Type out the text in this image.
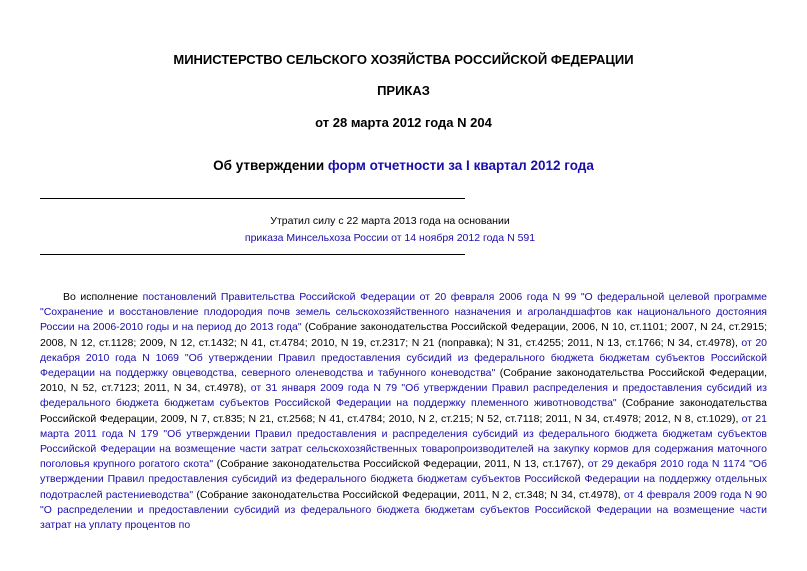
МИНИСТЕРСТВО СЕЛЬСКОГО ХОЗЯЙСТВА РОССИЙСКОЙ ФЕДЕРАЦИИ
ПРИКАЗ
от 28 марта 2012 года N 204
Об утверждении форм отчетности за I квартал 2012 года
Утратил силу с 22 марта 2013 года на основании
приказа Минсельхоза России от 14 ноября 2012 года N 591

Во исполнение постановлений Правительства Российской Федерации от 20 февраля 2006 года N 99 "О федеральной целевой программе "Сохранение и восстановление плодородия почв земель сельскохозяйственного назначения и агроландшафтов как национального достояния России на 2006-2010 годы и на период до 2013 года" (Собрание законодательства Российской Федерации, 2006, N 10, ст.1101; 2007, N 24, ст.2915; 2008, N 12, ст.1128; 2009, N 12, ст.1432; N 41, ст.4784; 2010, N 19, ст.2317; N 21 (поправка); N 31, ст.4255; 2011, N 13, ст.1766; N 34, ст.4978), от 20 декабря 2010 года N 1069 "Об утверждении Правил предоставления субсидий из федерального бюджета бюджетам субъектов Российской Федерации на поддержку овцеводства, северного оленеводства и табунного коневодства" (Собрание законодательства Российской Федерации, 2010, N 52, ст.7123; 2011, N 34, ст.4978), от 31 января 2009 года N 79 "Об утверждении Правил распределения и предоставления субсидий из федерального бюджета бюджетам субъектов Российской Федерации на поддержку племенного животноводства" (Собрание законодательства Российской Федерации, 2009, N 7, ст.835; N 21, ст.2568; N 41, ст.4784; 2010, N 2, ст.215; N 52, ст.7118; 2011, N 34, ст.4978; 2012, N 8, ст.1029), от 21 марта 2011 года N 179 "Об утверждении Правил предоставления и распределения субсидий из федерального бюджета бюджетам субъектов Российской Федерации на возмещение части затрат сельскохозяйственных товаропроизводителей на закупку кормов для содержания маточного поголовья крупного рогатого скота" (Собрание законодательства Российской Федерации, 2011, N 13, ст.1767), от 29 декабря 2010 года N 1174 "Об утверждении Правил предоставления субсидий из федерального бюджета бюджетам субъектов Российской Федерации на поддержку отдельных подотраслей растениеводства" (Собрание законодательства Российской Федерации, 2011, N 2, ст.348; N 34, ст.4978), от 4 февраля 2009 года N 90 "О распределении и предоставлении субсидий из федерального бюджета бюджетам субъектов Российской Федерации на возмещение части затрат на уплату процентов по
